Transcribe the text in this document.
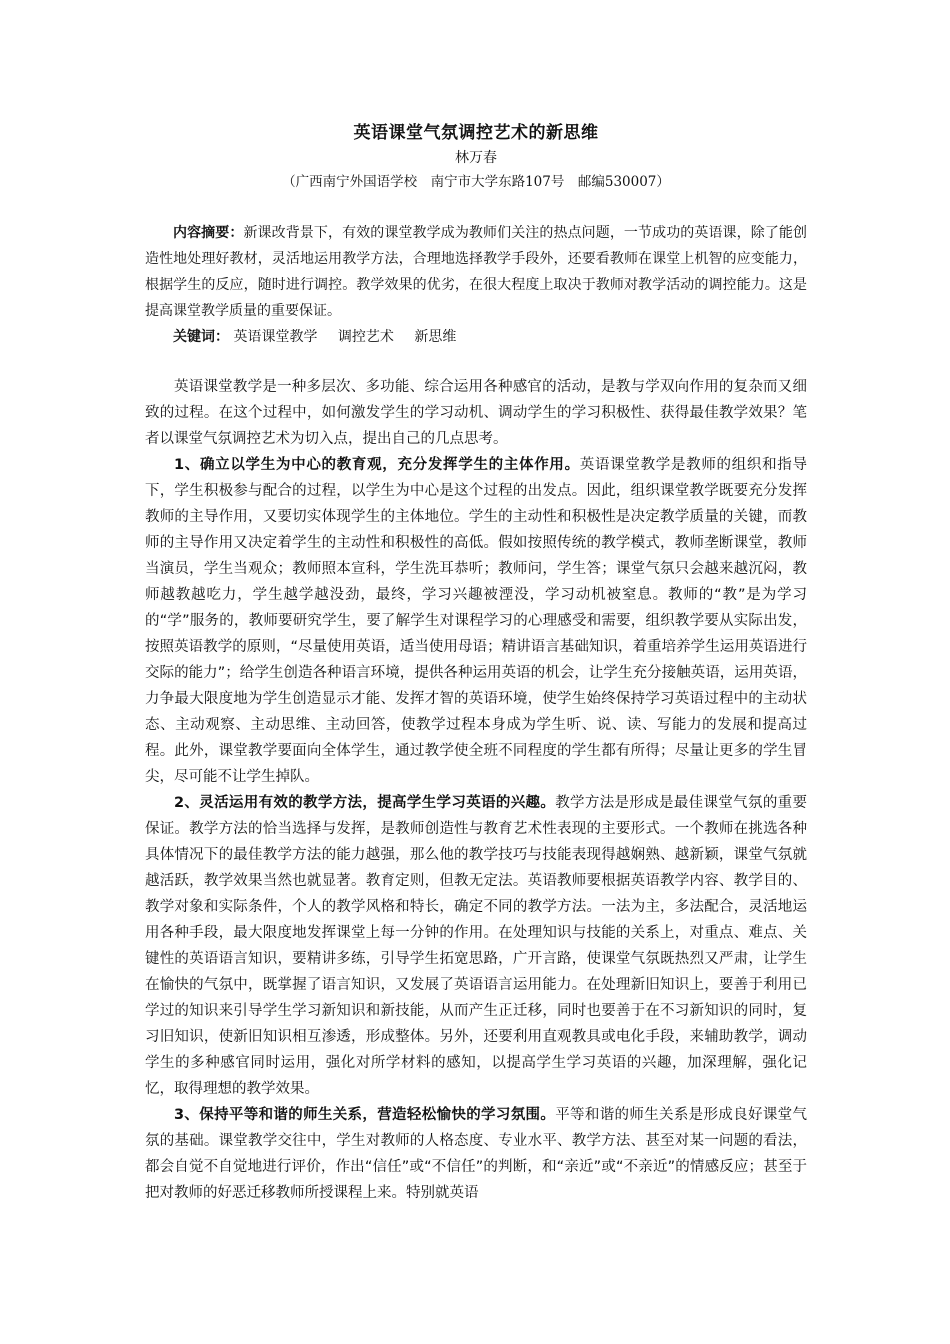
英语课堂气氛调控艺术的新思维

林万春

（广西南宁外国语学校　南宁市大学东路107号　邮编530007）

内容摘要：新课改背景下，有效的课堂教学成为教师们关注的热点问题，一节成功的英语课，除了能创造性地处理好教材，灵活地运用教学方法，合理地选择教学手段外，还要看教师在课堂上机智的应变能力，根据学生的反应，随时进行调控。教学效果的优劣，在很大程度上取决于教师对教学活动的调控能力。这是提高课堂教学质量的重要保证。

关键词： 英语课堂教学 调控艺术 新思维

英语课堂教学是一种多层次、多功能、综合运用各种感官的活动，是教与学双向作用的复杂而又细致的过程。在这个过程中，如何激发学生的学习动机、调动学生的学习积极性、获得最佳教学效果？笔者以课堂气氛调控艺术为切入点，提出自己的几点思考。

1、确立以学生为中心的教育观，充分发挥学生的主体作用。英语课堂教学是教师的组织和指导下，学生积极参与配合的过程，以学生为中心是这个过程的出发点。因此，组织课堂教学既要充分发挥教师的主导作用，又要切实体现学生的主体地位。学生的主动性和积极性是决定教学质量的关键，而教师的主导作用又决定着学生的主动性和积极性的高低。假如按照传统的教学模式，教师垄断课堂，教师当演员，学生当观众；教师照本宣科，学生洗耳恭听；教师问，学生答；课堂气氛只会越来越沉闷，教师越教越吃力，学生越学越没劲，最终，学习兴趣被湮没，学习动机被窒息。教师的“教”是为学习的“学”服务的，教师要研究学生，要了解学生对课程学习的心理感受和需要，组织教学要从实际出发，按照英语教学的原则，“尽量使用英语，适当使用母语；精讲语言基础知识，着重培养学生运用英语进行交际的能力”；给学生创造各种语言环境，提供各种运用英语的机会，让学生充分接触英语，运用英语，力争最大限度地为学生创造显示才能、发挥才智的英语环境，使学生始终保持学习英语过程中的主动状态、主动观察、主动思维、主动回答，使教学过程本身成为学生听、说、读、写能力的发展和提高过程。此外，课堂教学要面向全体学生，通过教学使全班不同程度的学生都有所得；尽量让更多的学生冒尖，尽可能不让学生掉队。

2、灵活运用有效的教学方法，提高学生学习英语的兴趣。教学方法是形成是最佳课堂气氛的重要保证。教学方法的恰当选择与发挥，是教师创造性与教育艺术性表现的主要形式。一个教师在挑选各种具体情况下的最佳教学方法的能力越强，那么他的教学技巧与技能表现得越娴熟、越新颖，课堂气氛就越活跃，教学效果当然也就显著。教育定则，但教无定法。英语教师要根据英语教学内容、教学目的、教学对象和实际条件，个人的教学风格和特长，确定不同的教学方法。一法为主，多法配合，灵活地运用各种手段，最大限度地发挥课堂上每一分钟的作用。在处理知识与技能的关系上，对重点、难点、关键性的英语语言知识，要精讲多练，引导学生拓宽思路，广开言路，使课堂气氛既热烈又严肃，让学生在愉快的气氛中，既掌握了语言知识，又发展了英语语言运用能力。在处理新旧知识上，要善于利用已学过的知识来引导学生学习新知识和新技能，从而产生正迁移，同时也要善于在不习新知识的同时，复习旧知识，使新旧知识相互渗透，形成整体。另外，还要利用直观教具或电化手段，来辅助教学，调动学生的多种感官同时运用，强化对所学材料的感知，以提高学生学习英语的兴趣，加深理解，强化记忆，取得理想的教学效果。

3、保持平等和谐的师生关系，营造轻松愉快的学习氛围。平等和谐的师生关系是形成良好课堂气氛的基础。课堂教学交往中，学生对教师的人格态度、专业水平、教学方法、甚至对某一问题的看法，都会自觉不自觉地进行评价，作出“信任”或“不信任”的判断，和“亲近”或“不亲近”的情感反应；甚至于把对教师的好恶迁移教师所授课程上来。特别就英语
